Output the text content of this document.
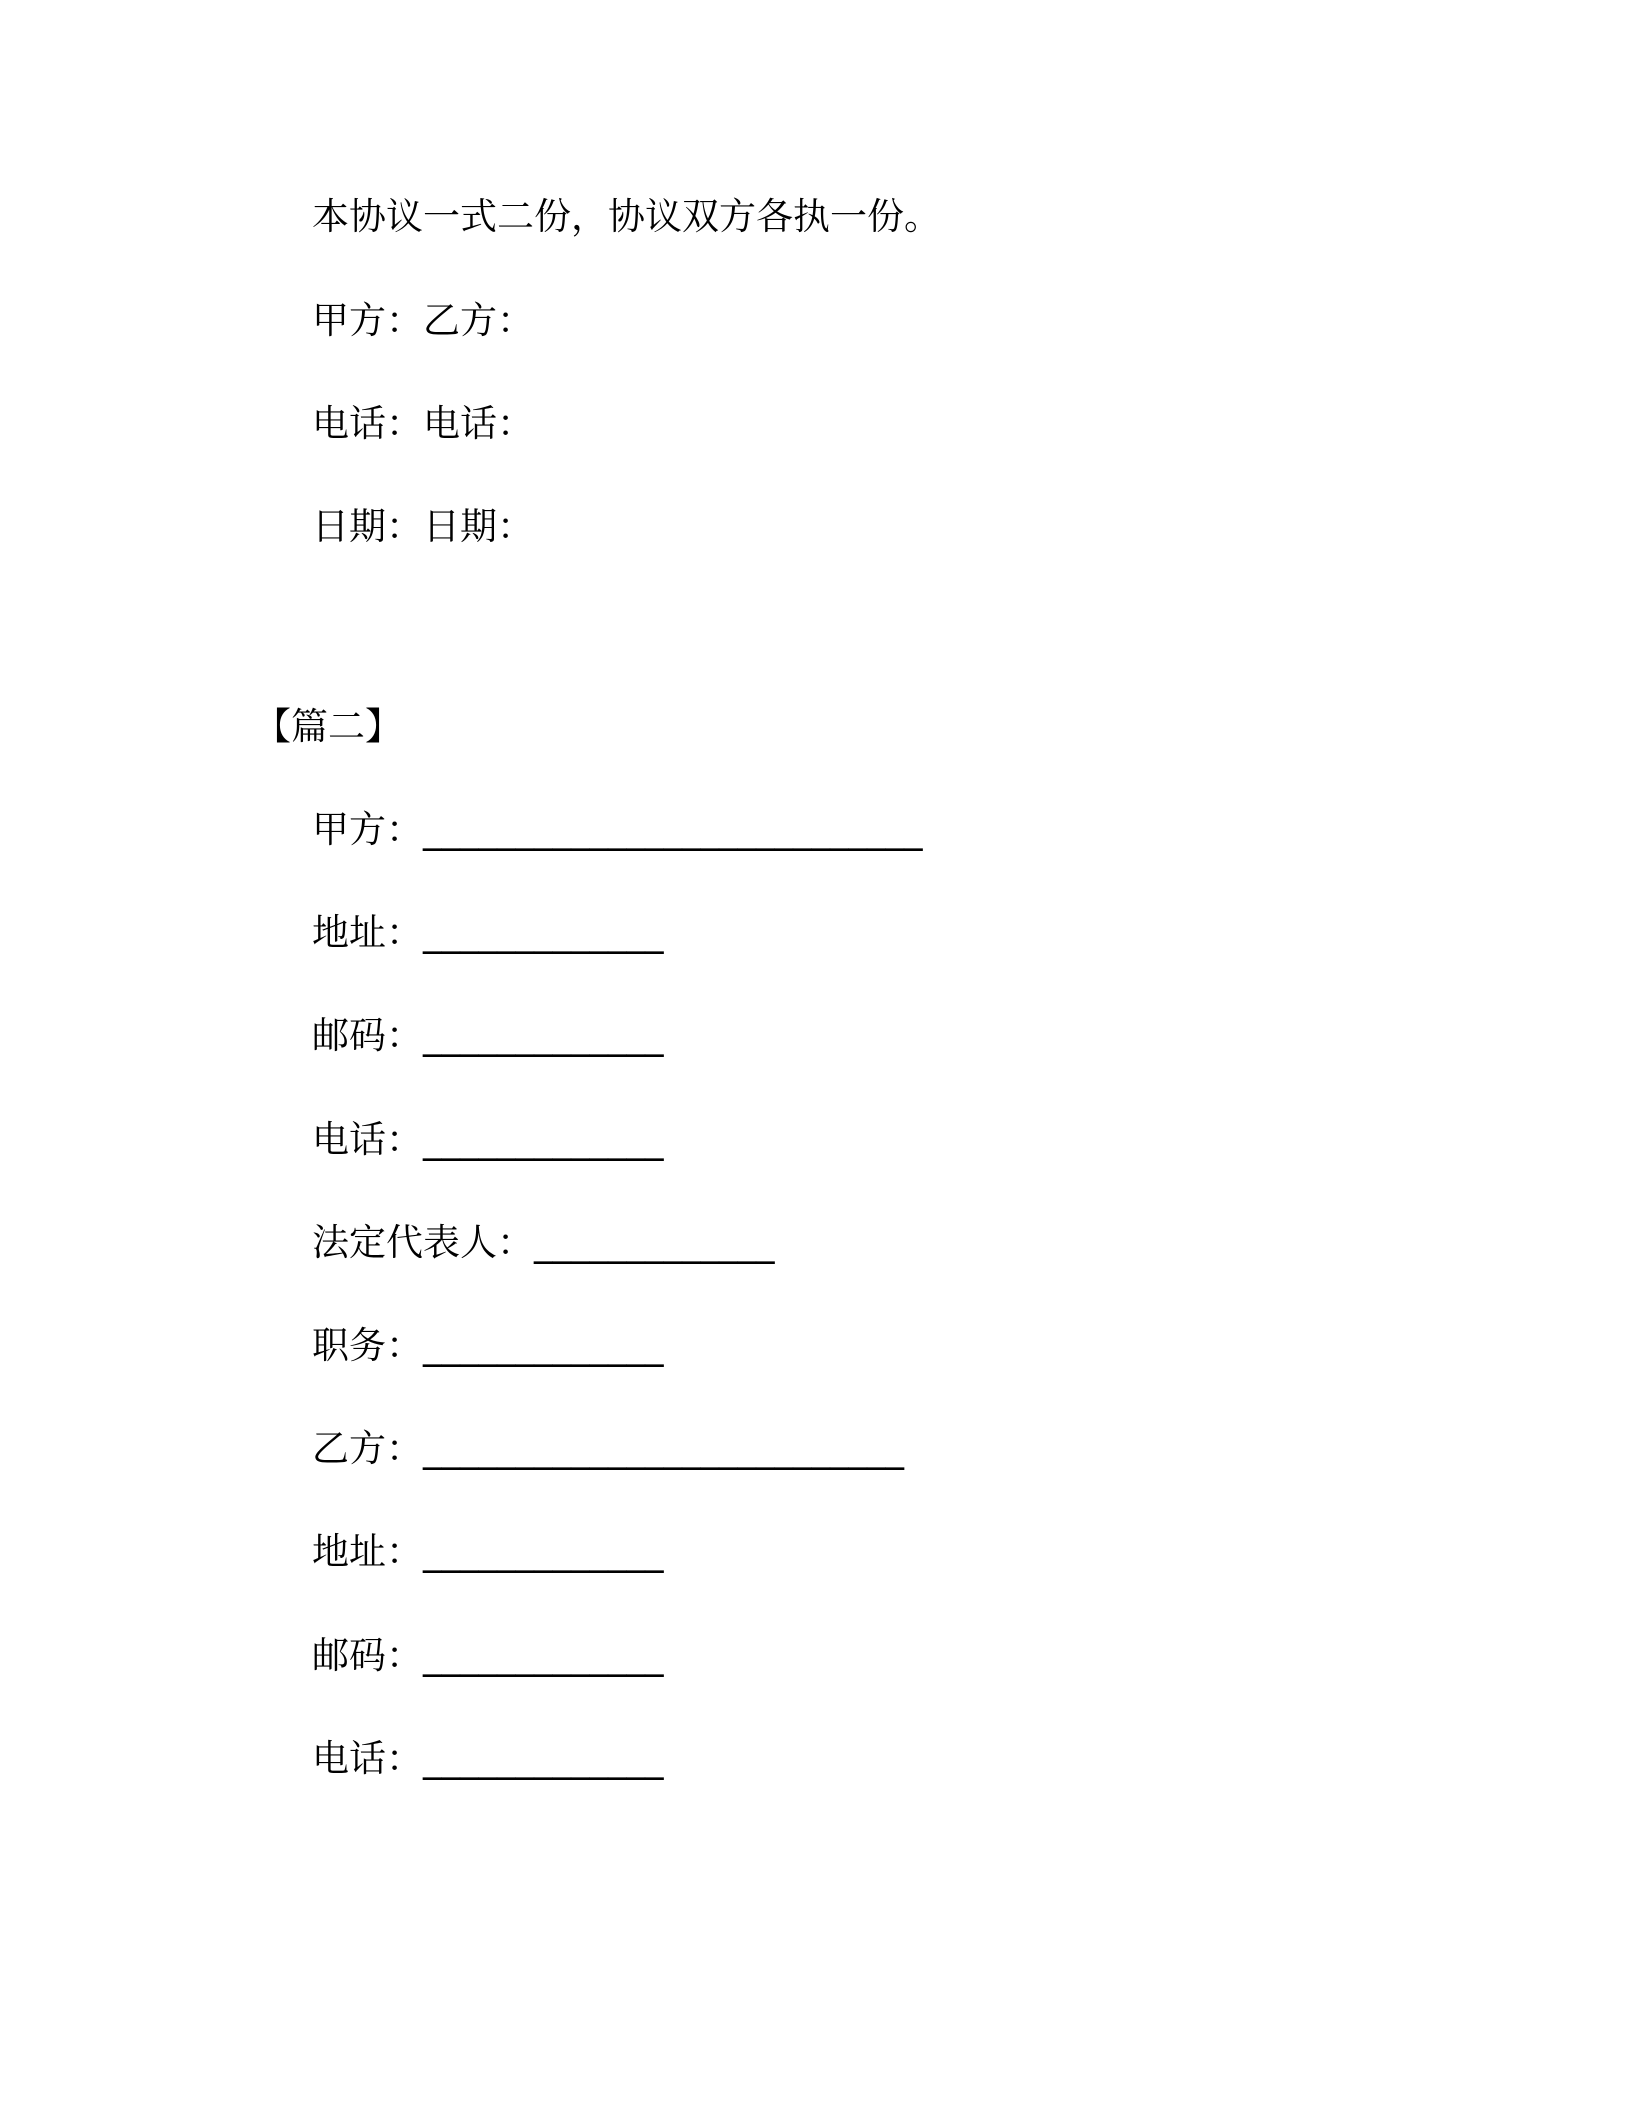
本协议一式二份，协议双方各执一份。

甲方：乙方：

电话：电话：

日期：日期：

【篇二】

甲方：___________________________

地址：_____________

邮码：_____________

电话：_____________

法定代表人：_____________

职务：_____________

乙方：__________________________

地址：_____________

邮码：_____________

电话：_____________
